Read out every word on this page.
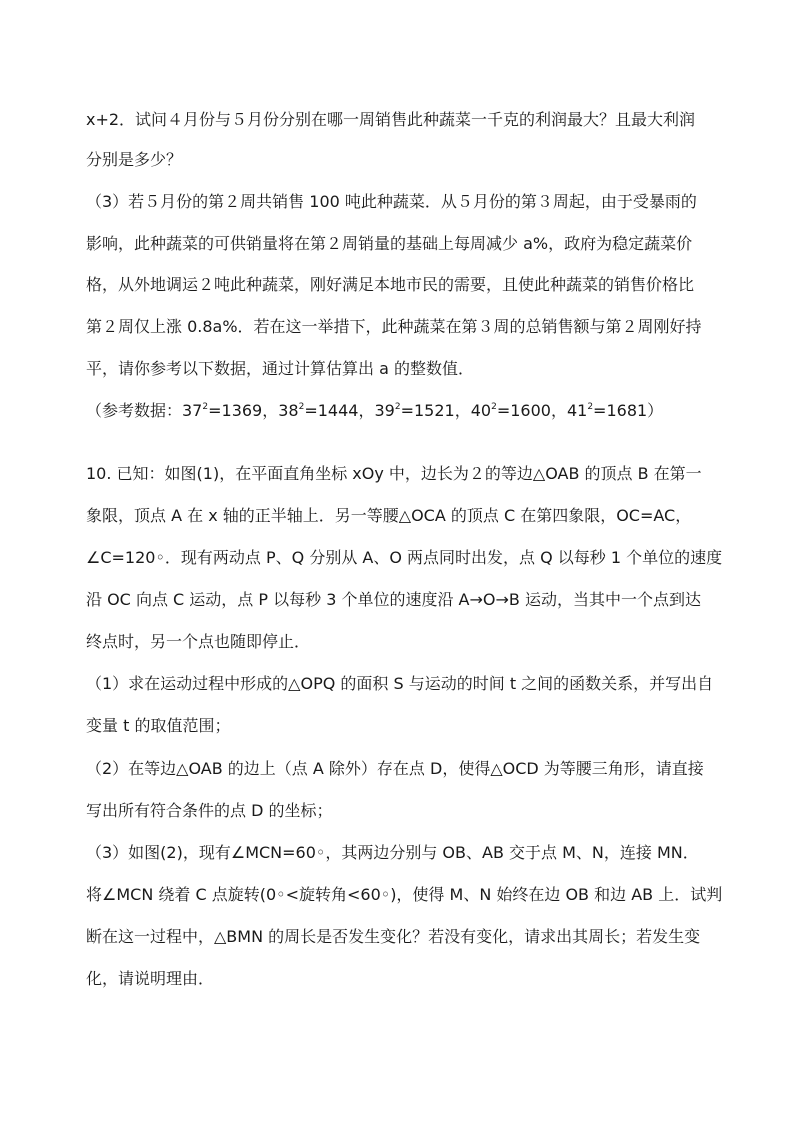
x+2．试问４月份与５月份分别在哪一周销售此种蔬菜一千克的利润最大？且最大利润
分别是多少？
（3）若５月份的第２周共销售 100 吨此种蔬菜．从５月份的第３周起，由于受暴雨的
影响，此种蔬菜的可供销量将在第２周销量的基础上每周减少 a%，政府为稳定蔬菜价
格，从外地调运２吨此种蔬菜，刚好满足本地市民的需要，且使此种蔬菜的销售价格比
第２周仅上涨 0.8a%．若在这一举措下，此种蔬菜在第３周的总销售额与第２周刚好持
平，请你参考以下数据，通过计算估算出 a 的整数值．
（参考数据：$37^2=1369$，$38^2=1444$，$39^2=1521$，$40^2=1600$，$41^2=1681$）
10. 已知：如图(1)，在平面直角坐标 xOy 中，边长为２的等边△OAB 的顶点 B 在第一
象限，顶点 A 在 x 轴的正半轴上．另一等腰△OCA 的顶点 C 在第四象限，OC=AC，
∠C=120◦．现有两动点 P、Q 分别从 A、O 两点同时出发，点 Q 以每秒 1 个单位的速度
沿 OC 向点 C 运动，点 P 以每秒 3 个单位的速度沿 A→O→B 运动，当其中一个点到达
终点时，另一个点也随即停止．
（1）求在运动过程中形成的△OPQ 的面积 S 与运动的时间 t 之间的函数关系，并写出自
变量 t 的取值范围；
（2）在等边△OAB 的边上（点 A 除外）存在点 D，使得△OCD 为等腰三角形，请直接
写出所有符合条件的点 D 的坐标；
（3）如图(2)，现有∠MCN=60◦，其两边分别与 OB、AB 交于点 M、N，连接 MN．
将∠MCN 绕着 C 点旋转(0◦<旋转角<60◦)，使得 M、N 始终在边 OB 和边 AB 上．试判
断在这一过程中，△BMN 的周长是否发生变化？若没有变化，请求出其周长；若发生变
化，请说明理由．
